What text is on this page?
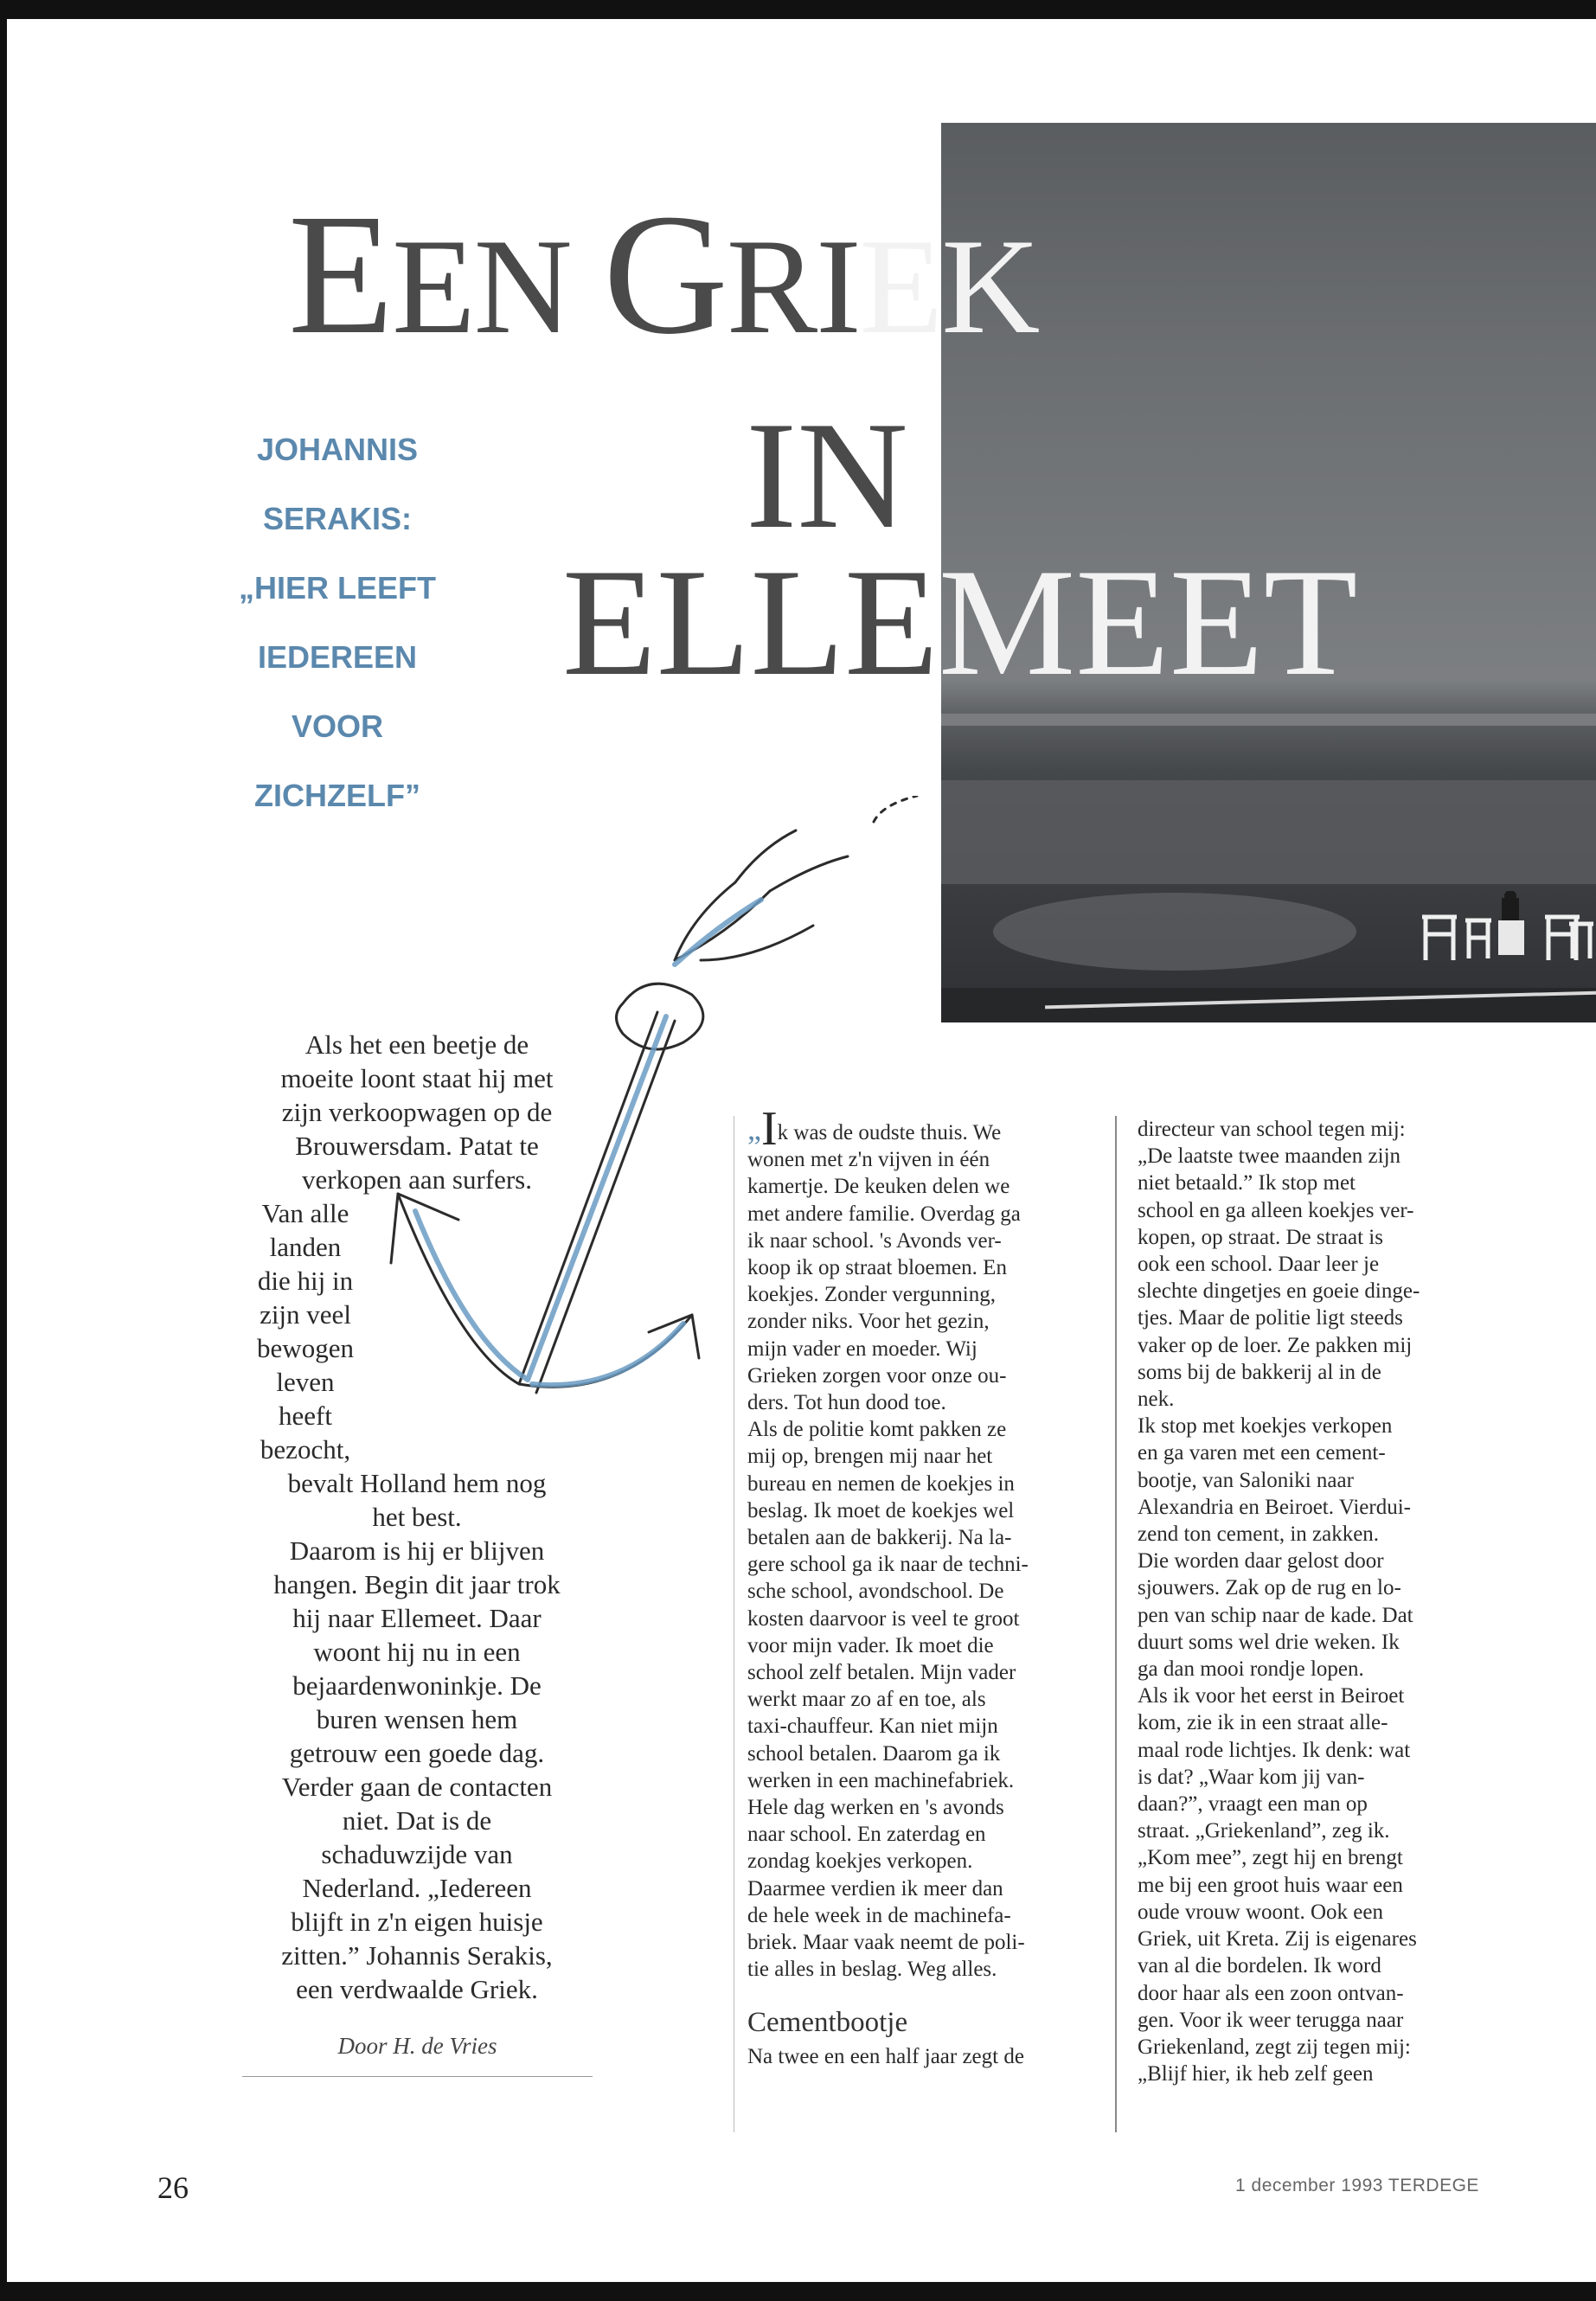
EEN GRIEK
IN
ELLEMEET
JOHANNIS
SERAKIS:
„HIER LEEFT
IEDEREEN
VOOR
ZICHZELF”
Als het een beetje de
moeite loont staat hij met
zijn verkoopwagen op de
Brouwersdam. Patat te
verkopen aan surfers.
Van alle
landen
die hij in
zijn veel
bewogen
leven
heeft
bezocht,
bevalt Holland hem nog
het best.
Daarom is hij er blijven
hangen. Begin dit jaar trok
hij naar Ellemeet. Daar
woont hij nu in een
bejaardenwoninkje. De
buren wensen hem
getrouw een goede dag.
Verder gaan de contacten
niet. Dat is de
schaduwzijde van
Nederland. „Iedereen
blijft in z'n eigen huisje
zitten.” Johannis Serakis,
een verdwaalde Griek.
Door H. de Vries

„Ik was de oudste thuis. We

wonen met z'n vijven in één

kamertje. De keuken delen we

met andere familie. Overdag ga

ik naar school. 's Avonds ver-

koop ik op straat bloemen. En

koekjes. Zonder vergunning,

zonder niks. Voor het gezin,

mijn vader en moeder. Wij

Grieken zorgen voor onze ou-

ders. Tot hun dood toe.

Als de politie komt pakken ze

mij op, brengen mij naar het

bureau en nemen de koekjes in

beslag. Ik moet de koekjes wel

betalen aan de bakkerij. Na la-

gere school ga ik naar de techni-

sche school, avondschool. De

kosten daarvoor is veel te groot

voor mijn vader. Ik moet die

school zelf betalen. Mijn vader

werkt maar zo af en toe, als

taxi-chauffeur. Kan niet mijn

school betalen. Daarom ga ik

werken in een machinefabriek.

Hele dag werken en 's avonds

naar school. En zaterdag en

zondag koekjes verkopen.

Daarmee verdien ik meer dan

de hele week in de machinefa-

briek. Maar vaak neemt de poli-

tie alles in beslag. Weg alles.

Cementbootje

Na twee en een half jaar zegt de

directeur van school tegen mij:

„De laatste twee maanden zijn

niet betaald.” Ik stop met

school en ga alleen koekjes ver-

kopen, op straat. De straat is

ook een school. Daar leer je

slechte dingetjes en goeie dinge-

tjes. Maar de politie ligt steeds

vaker op de loer. Ze pakken mij

soms bij de bakkerij al in de

nek.

Ik stop met koekjes verkopen

en ga varen met een cement-

bootje, van Saloniki naar

Alexandria en Beiroet. Vierdui-

zend ton cement, in zakken.

Die worden daar gelost door

sjouwers. Zak op de rug en lo-

pen van schip naar de kade. Dat

duurt soms wel drie weken. Ik

ga dan mooi rondje lopen.

Als ik voor het eerst in Beiroet

kom, zie ik in een straat alle-

maal rode lichtjes. Ik denk: wat

is dat? „Waar kom jij van-

daan?”, vraagt een man op

straat. „Griekenland”, zeg ik.

„Kom mee”, zegt hij en brengt

me bij een groot huis waar een

oude vrouw woont. Ook een

Griek, uit Kreta. Zij is eigenares

van al die bordelen. Ik word

door haar als een zoon ontvan-

gen. Voor ik weer terugga naar

Griekenland, zegt zij tegen mij:

„Blijf hier, ik heb zelf geen

26	1 december 1993 TERDEGE
